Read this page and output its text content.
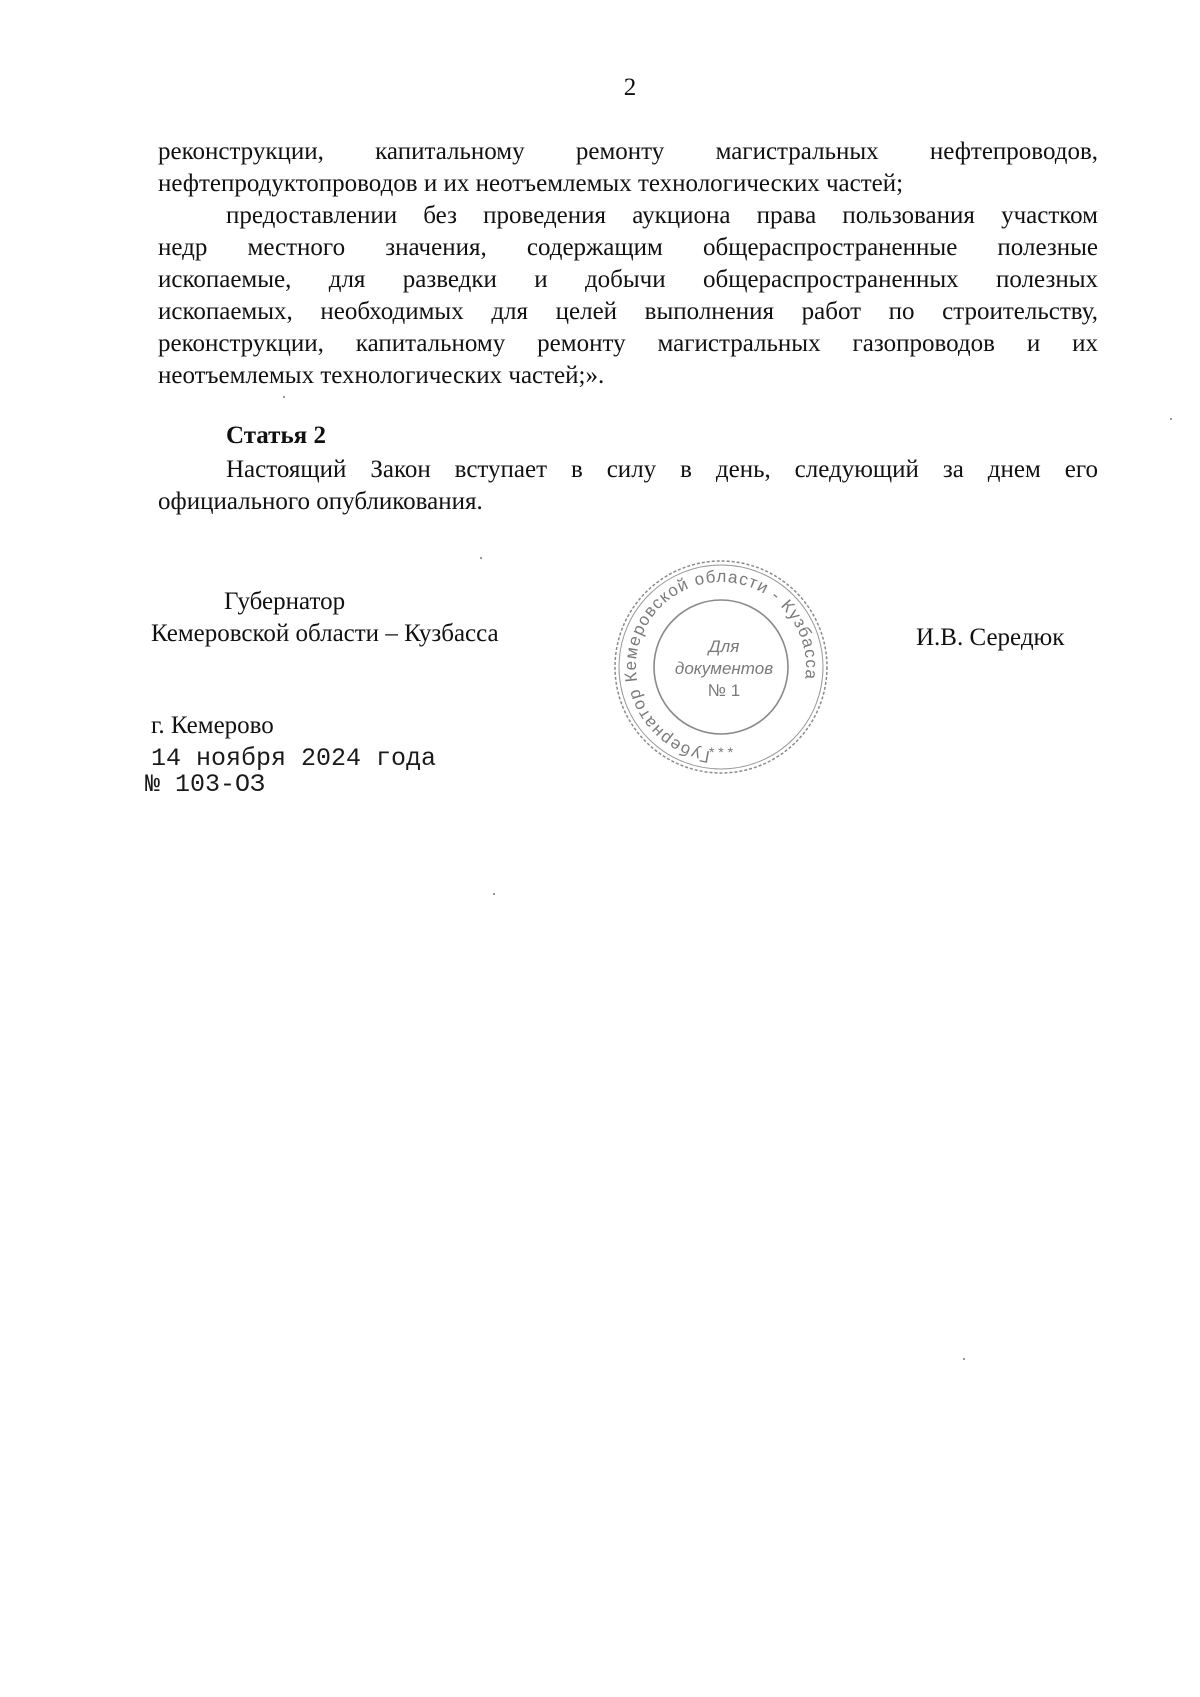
2
реконструкции, капитальному ремонту магистральных нефтепроводов,
нефтепродуктопроводов и их неотъемлемых технологических частей;
предоставлении без проведения аукциона права пользования участком
недр местного значения, содержащим общераспространенные полезные
ископаемые, для разведки и добычи общераспространенных полезных
ископаемых, необходимых для целей выполнения работ по строительству,
реконструкции, капитальному ремонту магистральных газопроводов и их
неотъемлемых технологических частей;».
Статья 2
Настоящий Закон вступает в силу в день, следующий за днем его
официального опубликования.
Губернатор
Кемеровской области – Кузбасса	И.В. Середюк
Губернатор Кемеровской области - Кузбасса
Для
документов
№ 1
* * *
г. Кемерово
14 ноября 2024 года
№ 103-ОЗ
